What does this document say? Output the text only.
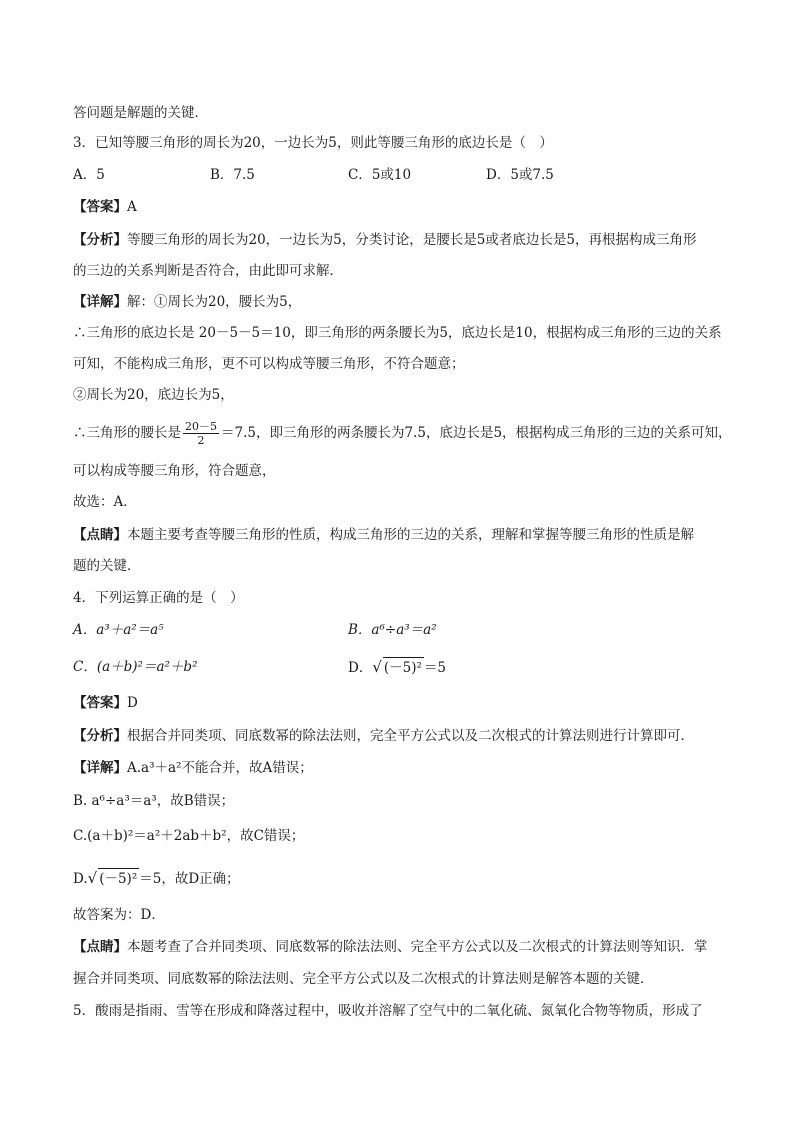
答问题是解题的关键．
3．已知等腰三角形的周长为20，一边长为5，则此等腰三角形的底边长是（　）
A．5	B．7.5	C．5或10	D．5或7.5
【答案】A
【分析】等腰三角形的周长为20，一边长为5，分类讨论，是腰长是5或者底边长是5，再根据构成三角形
的三边的关系判断是否符合，由此即可求解．
【详解】解：①周长为20，腰长为5，
∴三角形的底边长是 20－5－5＝10，即三角形的两条腰长为5，底边长是10，根据构成三角形的三边的关系
可知，不能构成三角形，更不可以构成等腰三角形，不符合题意；
②周长为20，底边长为5，
∴三角形的腰长是 $\frac{20-5}{2} =7.5$，即三角形的两条腰长为7.5，底边长是5，根据构成三角形的三边的关系可知，
可以构成等腰三角形，符合题意，
故选：A．
【点睛】本题主要考查等腰三角形的性质，构成三角形的三边的关系，理解和掌握等腰三角形的性质是解
题的关键．
4．下列运算正确的是（　）
A．a³＋a²＝a⁵	B．a⁶÷a³＝a²
C．(a＋b)²＝a²＋b²	D．√ (－5)² ＝5
【答案】D
【分析】根据合并同类项、同底数幂的除法法则，完全平方公式以及二次根式的计算法则进行计算即可．
【详解】A.a³＋a²不能合并，故A错误；
B. a⁶÷a³＝a³，故B错误；
C.(a＋b)²＝a²＋2ab＋b²，故C错误；
D.√ (－5)² ＝5，故D正确；
故答案为：D．
【点睛】本题考查了合并同类项、同底数幂的除法法则、完全平方公式以及二次根式的计算法则等知识．掌
握合并同类项、同底数幂的除法法则、完全平方公式以及二次根式的计算法则是解答本题的关键．
5．酸雨是指雨、雪等在形成和降落过程中，吸收并溶解了空气中的二氧化硫、氮氧化合物等物质，形成了
